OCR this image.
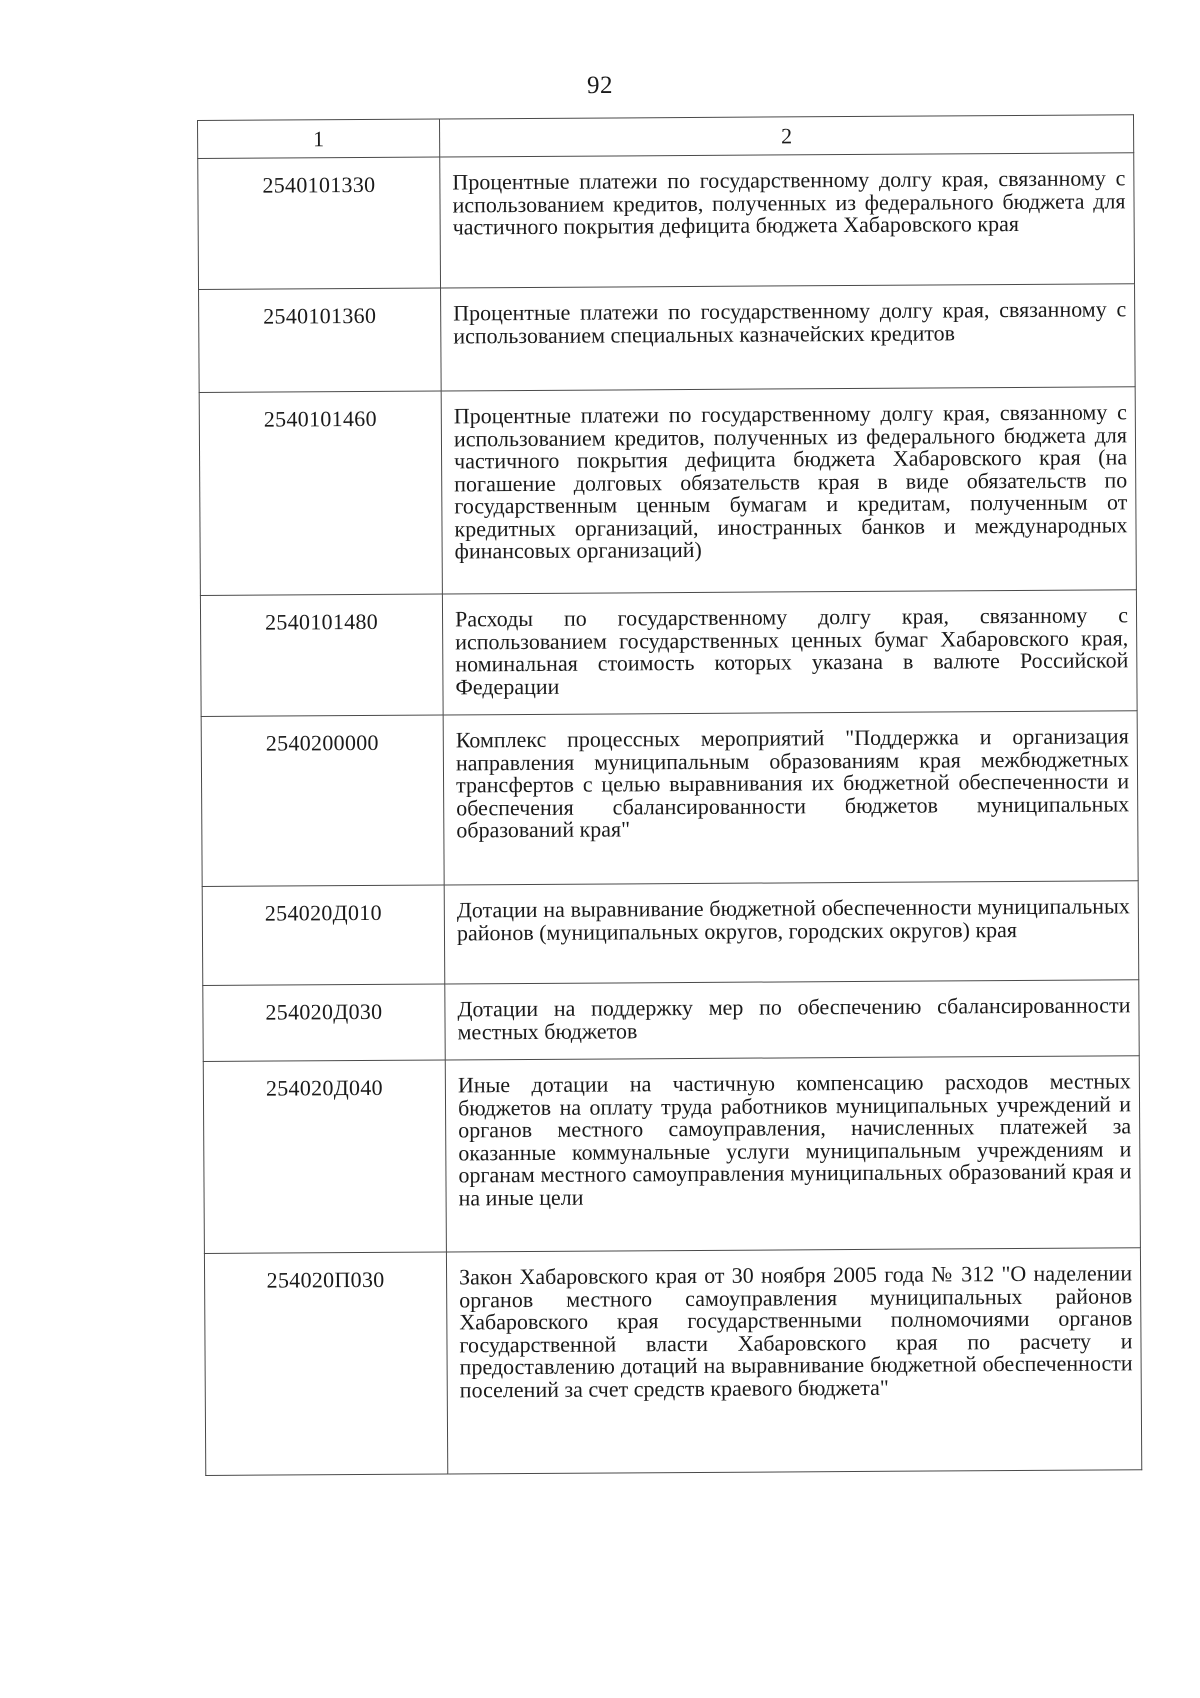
92
1	2
2540101330	Процентные платежи по государственному долгу края, связанному с использованием кредитов, полученных из федерального бюджета для частичного покрытия дефицита бюджета Хабаровского края
2540101360	Процентные платежи по государственному долгу края, связанному с использованием специальных казначейских кредитов
2540101460	Процентные платежи по государственному долгу края, связанному с использованием кредитов, полученных из федерального бюджета для частичного покрытия дефицита бюджета Хабаровского края (на погашение долговых обязательств края в виде обязательств по государственным ценным бумагам и кредитам, полученным от кредитных организаций, иностранных банков и международных финансовых организаций)
2540101480	Расходы по государственному долгу края, связанному с использованием государственных ценных бумаг Хабаровского края, номинальная стоимость которых указана в валюте Российской Федерации
2540200000	Комплекс процессных мероприятий "Поддержка и организация направления муниципальным образованиям края межбюджетных трансфертов с целью выравнивания их бюджетной обеспеченности и обеспечения сбалансированности бюджетов муниципальных образований края"
254020Д010	Дотации на выравнивание бюджетной обеспеченности муниципальных районов (муниципальных округов, городских округов) края
254020Д030	Дотации на поддержку мер по обеспечению сбалансированности местных бюджетов
254020Д040	Иные дотации на частичную компенсацию расходов местных бюджетов на оплату труда работников муниципальных учреждений и органов местного самоуправления, начисленных платежей за оказанные коммунальные услуги муниципальным учреждениям и органам местного самоуправления муниципальных образований края и на иные цели
254020П030	Закон Хабаровского края от 30 ноября 2005 года № 312 "О наделении органов местного самоуправления муниципальных районов Хабаровского края государственными полномочиями органов государственной власти Хабаровского края по расчету и предоставлению дотаций на выравнивание бюджетной обеспеченности поселений за счет средств краевого бюджета"
